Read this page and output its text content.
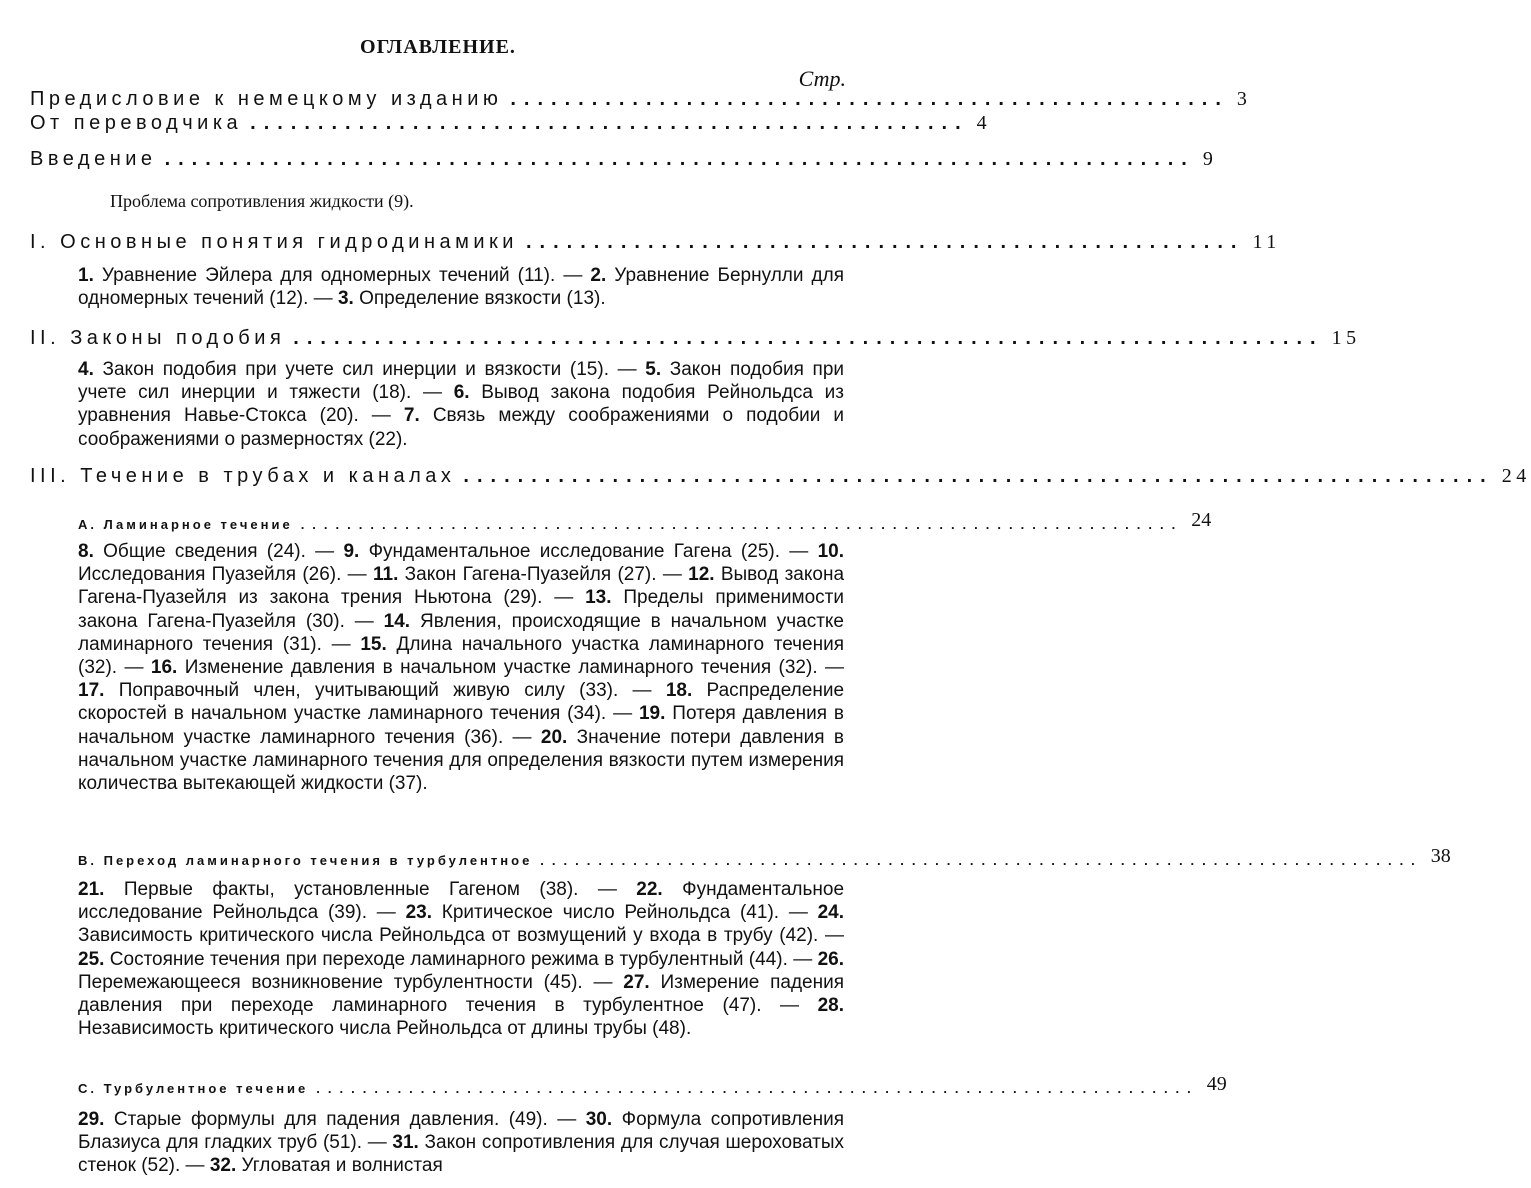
ОГЛАВЛЕНИЕ.
Стр.
Предисловие к немецкому изданию ..................................................... 3
От переводчика ..................................................... 4
Введение ............................................................................ 9
Проблема сопротивления жидкости (9).
I. Основные понятия гидродинамики ..................................................... 11
1. Уравнение Эйлера для одномерных течений (11). — 2. Уравнение Бернулли для одномерных течений (12). — 3. Определение вязкости (13).
II. Законы подобия ............................................................................ 15
4. Закон подобия при учете сил инерции и вязкости (15). — 5. Закон подобия при учете сил инерции и тяжести (18). — 6. Вывод закона подобия Рейнольдса из уравнения Навье-Стокса (20). — 7. Связь между соображениями о подобии и соображениями о размерностях (22).
III. Течение в трубах и каналах ............................................................................ 24
A. Ламинарное течение ............................................................................ 24
8. Общие сведения (24). — 9. Фундаментальное исследование Гагена (25). — 10. Исследования Пуазейля (26). — 11. Закон Гагена-Пуазейля (27). — 12. Вывод закона Гагена-Пуазейля из закона трения Ньютона (29). — 13. Пределы применимости закона Гагена-Пуазейля (30). — 14. Явления, происходящие в начальном участке ламинарного течения (31). — 15. Длина начального участка ламинарного течения (32). — 16. Изменение давления в начальном участке ламинарного течения (32). — 17. Поправочный член, учитывающий живую силу (33). — 18. Распределение скоростей в начальном участке ламинарного течения (34). — 19. Потеря давления в начальном участке ламинарного течения (36). — 20. Значение потери давления в начальном участке ламинарного течения для определения вязкости путем измерения количества вытекающей жидкости (37).
B. Переход ламинарного течения в турбулентное ............................................................................ 38
21. Первые факты, установленные Гагеном (38). — 22. Фундаментальное исследование Рейнольдса (39). — 23. Критическое число Рейнольдса (41). — 24. Зависимость критического числа Рейнольдса от возмущений у входа в трубу (42). — 25. Состояние течения при переходе ламинарного режима в турбулентный (44). — 26. Перемежающееся возникновение турбулентности (45). — 27. Измерение падения давления при переходе ламинарного течения в турбулентное (47). — 28. Независимость критического числа Рейнольдса от длины трубы (48).
C. Турбулентное течение ............................................................................ 49
29. Старые формулы для падения давления. (49). — 30. Формула сопротивления Блазиуса для гладких труб (51). — 31. Закон сопротивления для случая шероховатых стенок (52). — 32. Угловатая и волнистая
